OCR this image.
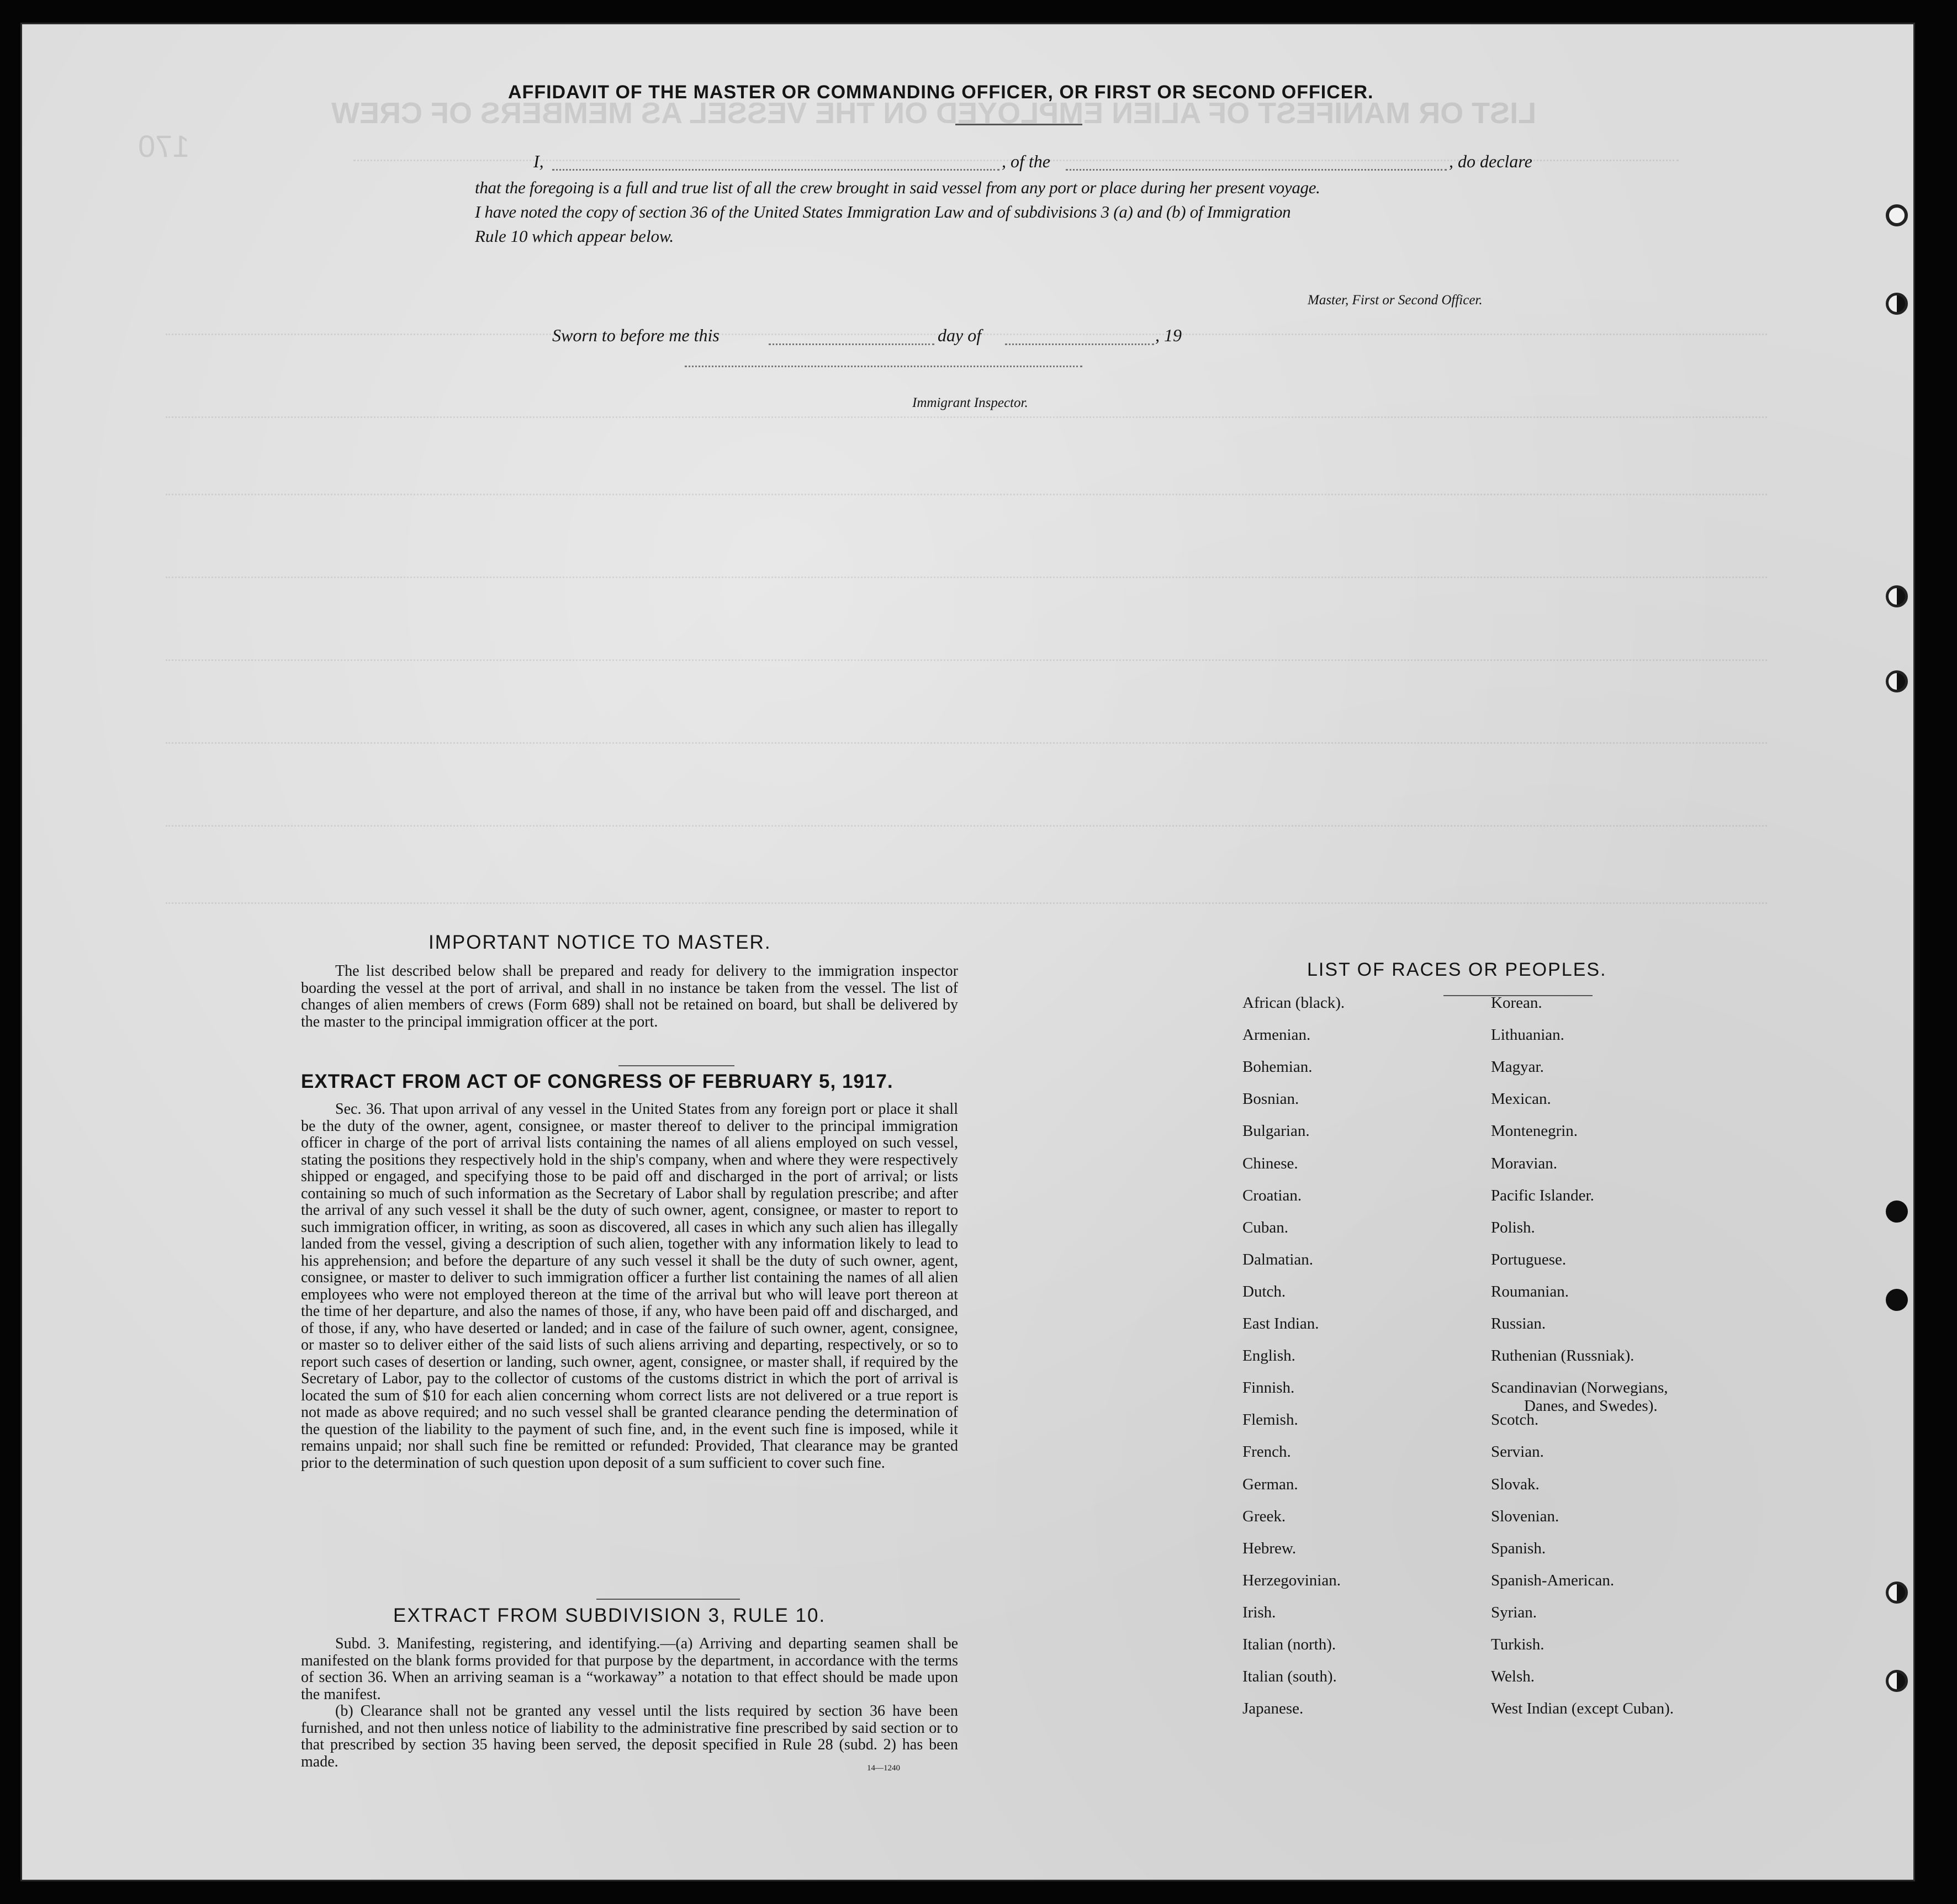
LIST OR MANIFEST OF ALIEN EMPLOYED ON THE VESSEL AS MEMBERS OF CREW
170
AFFIDAVIT OF THE MASTER OR COMMANDING OFFICER, OR FIRST OR SECOND OFFICER.
I,	, of the	, do declare
that the foregoing is a full and true list of all the crew brought in said vessel from any port or place during her present voyage.
I have noted the copy of section 36 of the United States Immigration Law and of subdivisions 3 (a) and (b) of Immigration
Rule 10 which appear below.
Master, First or Second Officer.
Sworn to before me this	day of	, 19
Immigrant Inspector.
IMPORTANT NOTICE TO MASTER.
The list described below shall be prepared and ready for delivery to the immigration inspector boarding the vessel at the port of arrival, and shall in no instance be taken from the vessel. The list of changes of alien members of crews (Form 689) shall not be retained on board, but shall be delivered by the master to the principal immigration officer at the port.
EXTRACT FROM ACT OF CONGRESS OF FEBRUARY 5, 1917.
Sec. 36. That upon arrival of any vessel in the United States from any foreign port or place it shall be the duty of the owner, agent, consignee, or master thereof to deliver to the principal immigration officer in charge of the port of arrival lists containing the names of all aliens employed on such vessel, stating the positions they respectively hold in the ship's company, when and where they were respectively shipped or engaged, and specifying those to be paid off and discharged in the port of arrival; or lists containing so much of such information as the Secretary of Labor shall by regulation prescribe; and after the arrival of any such vessel it shall be the duty of such owner, agent, consignee, or master to report to such immigration officer, in writing, as soon as discovered, all cases in which any such alien has illegally landed from the vessel, giving a description of such alien, together with any information likely to lead to his apprehension; and before the departure of any such vessel it shall be the duty of such owner, agent, consignee, or master to deliver to such immigration officer a further list containing the names of all alien employees who were not employed thereon at the time of the arrival but who will leave port thereon at the time of her departure, and also the names of those, if any, who have been paid off and discharged, and of those, if any, who have deserted or landed; and in case of the failure of such owner, agent, consignee, or master so to deliver either of the said lists of such aliens arriving and departing, respectively, or so to report such cases of desertion or landing, such owner, agent, consignee, or master shall, if required by the Secretary of Labor, pay to the collector of customs of the customs district in which the port of arrival is located the sum of $10 for each alien concerning whom correct lists are not delivered or a true report is not made as above required; and no such vessel shall be granted clearance pending the determination of the question of the liability to the payment of such fine, and, in the event such fine is imposed, while it remains unpaid; nor shall such fine be remitted or refunded: Provided, That clearance may be granted prior to the determination of such question upon deposit of a sum sufficient to cover such fine.
EXTRACT FROM SUBDIVISION 3, RULE 10.
Subd. 3. Manifesting, registering, and identifying.—(a) Arriving and departing seamen shall be manifested on the blank forms provided for that purpose by the department, in accordance with the terms of section 36. When an arriving seaman is a “workaway” a notation to that effect should be made upon the manifest.
(b) Clearance shall not be granted any vessel until the lists required by section 36 have been furnished, and not then unless notice of liability to the administrative fine prescribed by said section or to that prescribed by section 35 having been served, the deposit specified in Rule 28 (subd. 2) has been made.	14—1240
LIST OF RACES OR PEOPLES.
Danes, and Swedes).
African (black).
Armenian.
Bohemian.
Bosnian.
Bulgarian.
Chinese.
Croatian.
Cuban.
Dalmatian.
Dutch.
East Indian.
English.
Finnish.
Flemish.
French.
German.
Greek.
Hebrew.
Herzegovinian.
Irish.
Italian (north).
Italian (south).
Japanese.
Korean.
Lithuanian.
Magyar.
Mexican.
Montenegrin.
Moravian.
Pacific Islander.
Polish.
Portuguese.
Roumanian.
Russian.
Ruthenian (Russniak).
Scandinavian (Norwegians,
Scotch.
Servian.
Slovak.
Slovenian.
Spanish.
Spanish-American.
Syrian.
Turkish.
Welsh.
West Indian (except Cuban).
